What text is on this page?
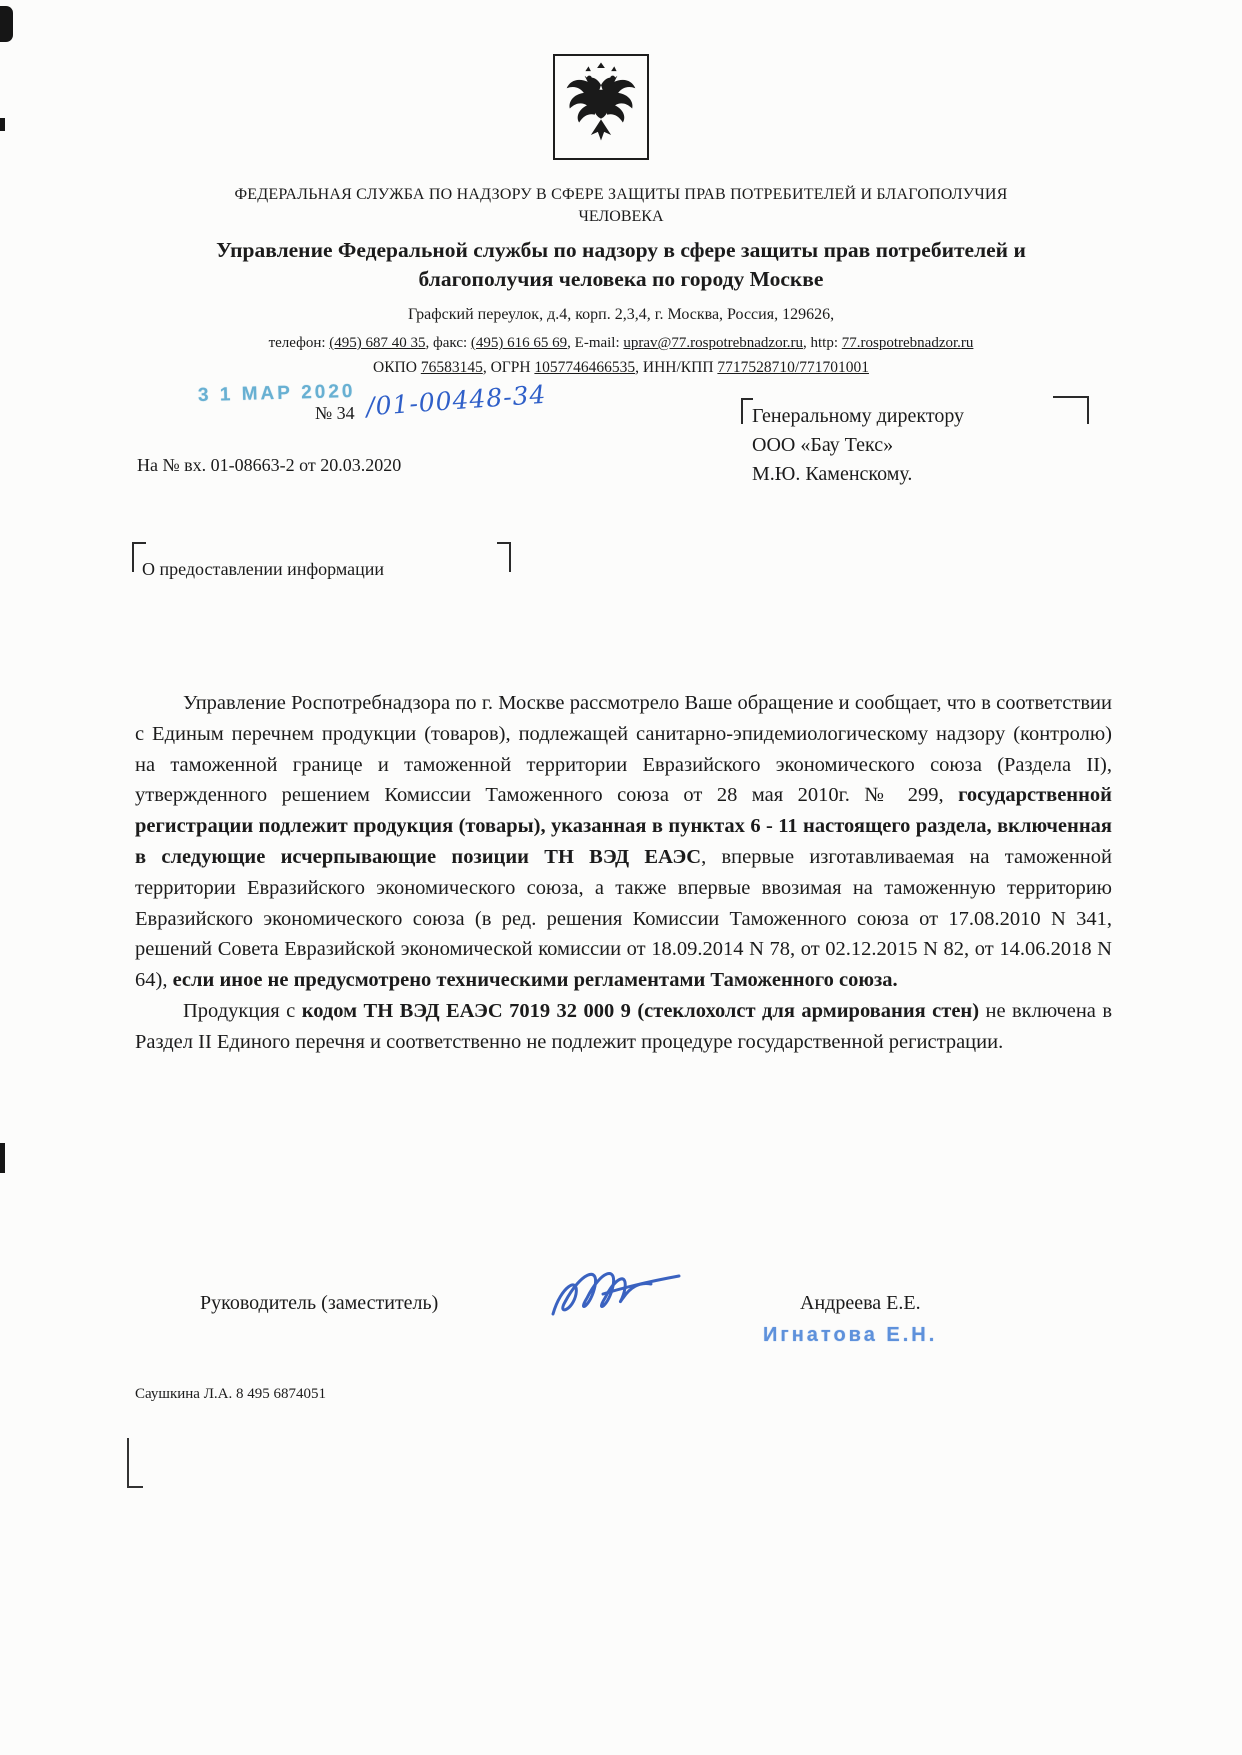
ФЕДЕРАЛЬНАЯ СЛУЖБА ПО НАДЗОРУ В СФЕРЕ ЗАЩИТЫ ПРАВ ПОТРЕБИТЕЛЕЙ И БЛАГОПОЛУЧИЯ
ЧЕЛОВЕКА
Управление Федеральной службы по надзору в сфере защиты прав потребителей и
благополучия человека по городу Москве
Графский переулок, д.4, корп. 2,3,4, г. Москва, Россия, 129626,
телефон: (495) 687 40 35, факс: (495) 616 65 69, E-mail: uprav@77.rospotrebnadzor.ru, http: 77.rospotrebnadzor.ru
ОКПО 76583145, ОГРН 1057746466535, ИНН/КПП 7717528710/771701001
3 1 МАР 2020
№ 34 /01-00448-34
На № вх. 01-08663-2 от 20.03.2020
Генеральному директору
ООО «Бау Текс»
М.Ю. Каменскому.
О предоставлении информации

Управление Роспотребнадзора по г. Москве рассмотрело Ваше обращение и сообщает, что в соответствии с Единым перечнем продукции (товаров), подлежащей санитарно-эпидемиологическому надзору (контролю) на таможенной границе и таможенной территории Евразийского экономического союза (Раздела II), утвержденного решением Комиссии Таможенного союза от 28 мая 2010г. № 299, государственной регистрации подлежит продукция (товары), указанная в пунктах 6 - 11 настоящего раздела, включенная в следующие исчерпывающие позиции ТН ВЭД ЕАЭС, впервые изготавливаемая на таможенной территории Евразийского экономического союза, а также впервые ввозимая на таможенную территорию Евразийского экономического союза (в ред. решения Комиссии Таможенного союза от 17.08.2010 N 341, решений Совета Евразийской экономической комиссии от 18.09.2014 N 78, от 02.12.2015 N 82, от 14.06.2018 N 64), если иное не предусмотрено техническими регламентами Таможенного союза.

Продукция с кодом ТН ВЭД ЕАЭС 7019 32 000 9 (стеклохолст для армирования стен) не включена в Раздел II Единого перечня и соответственно не подлежит процедуре государственной регистрации.

Руководитель (заместитель)	Андреева Е.Е.
Игнатова Е.Н.
Саушкина Л.А. 8 495 6874051
